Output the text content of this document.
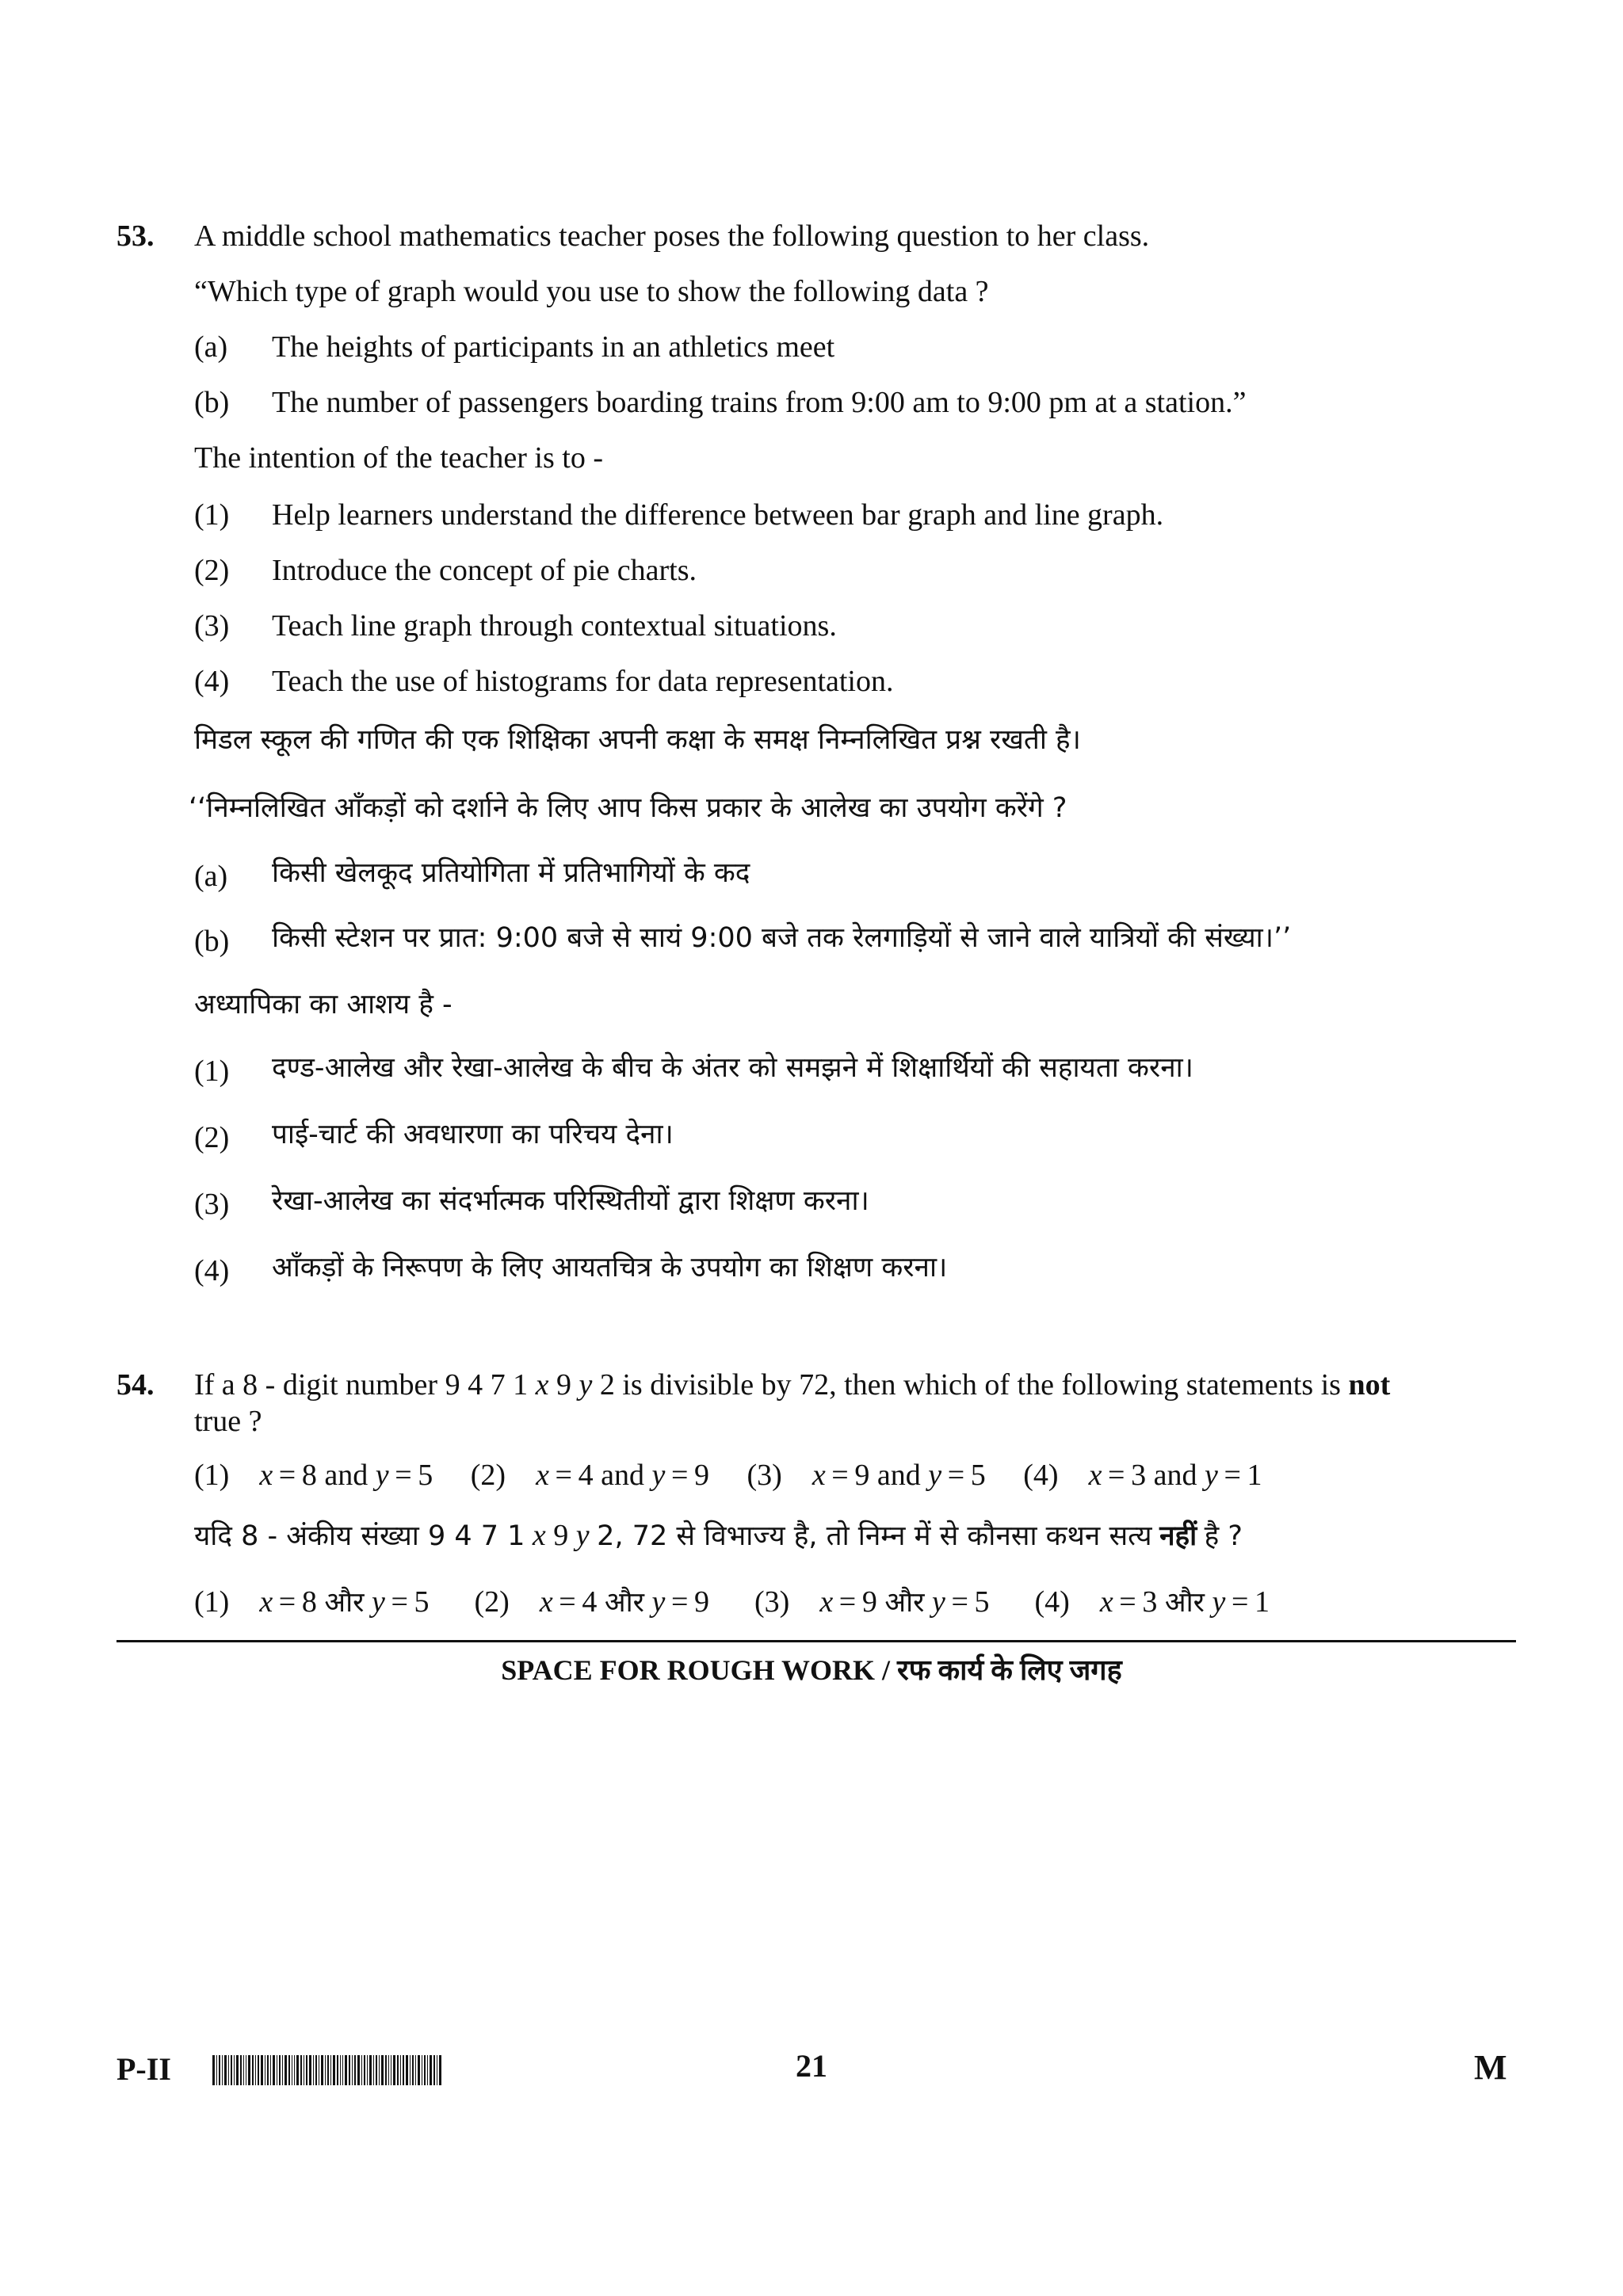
53. A middle school mathematics teacher poses the following question to her class.
“Which type of graph would you use to show the following data ?
(a) The heights of participants in an athletics meet
(b) The number of passengers boarding trains from 9:00 am to 9:00 pm at a station.”
The intention of the teacher is to -
(1) Help learners understand the difference between bar graph and line graph.
(2) Introduce the concept of pie charts.
(3) Teach line graph through contextual situations.
(4) Teach the use of histograms for data representation.
मिडल स्कूल की गणित की एक शिक्षिका अपनी कक्षा के समक्ष निम्नलिखित प्रश्न रखती है।
‘‘निम्नलिखित आँकड़ों को दर्शाने के लिए आप किस प्रकार के आलेख का उपयोग करेंगे ?
(a) किसी खेलकूद प्रतियोगिता में प्रतिभागियों के कद
(b) किसी स्टेशन पर प्रात: 9:00 बजे से सायं 9:00 बजे तक रेलगाड़ियों से जाने वाले यात्रियों की संख्या।’’
अध्यापिका का आशय है -
(1) दण्ड-आलेख और रेखा-आलेख के बीच के अंतर को समझने में शिक्षार्थियों की सहायता करना।
(2) पाई-चार्ट की अवधारणा का परिचय देना।
(3) रेखा-आलेख का संदर्भात्मक परिस्थितीयों द्वारा शिक्षण करना।
(4) आँकड़ों के निरूपण के लिए आयतचित्र के उपयोग का शिक्षण करना।
54. If a 8 - digit number 9 4 7 1 x 9 y 2 is divisible by 72, then which of the following statements is not
true ?
(1) x = 8 and y = 5 (2) x = 4 and y = 9 (3) x = 9 and y = 5 (4) x = 3 and y = 1
यदि 8 - अंकीय संख्या 9 4 7 1 x 9 y 2, 72 से विभाज्य है, तो निम्न में से कौनसा कथन सत्य नहीं है ?
(1) x = 8 और y = 5 (2) x = 4 और y = 9 (3) x = 9 और y = 5 (4) x = 3 और y = 1
SPACE FOR ROUGH WORK / रफ कार्य के लिए जगह
P-II	21	M
